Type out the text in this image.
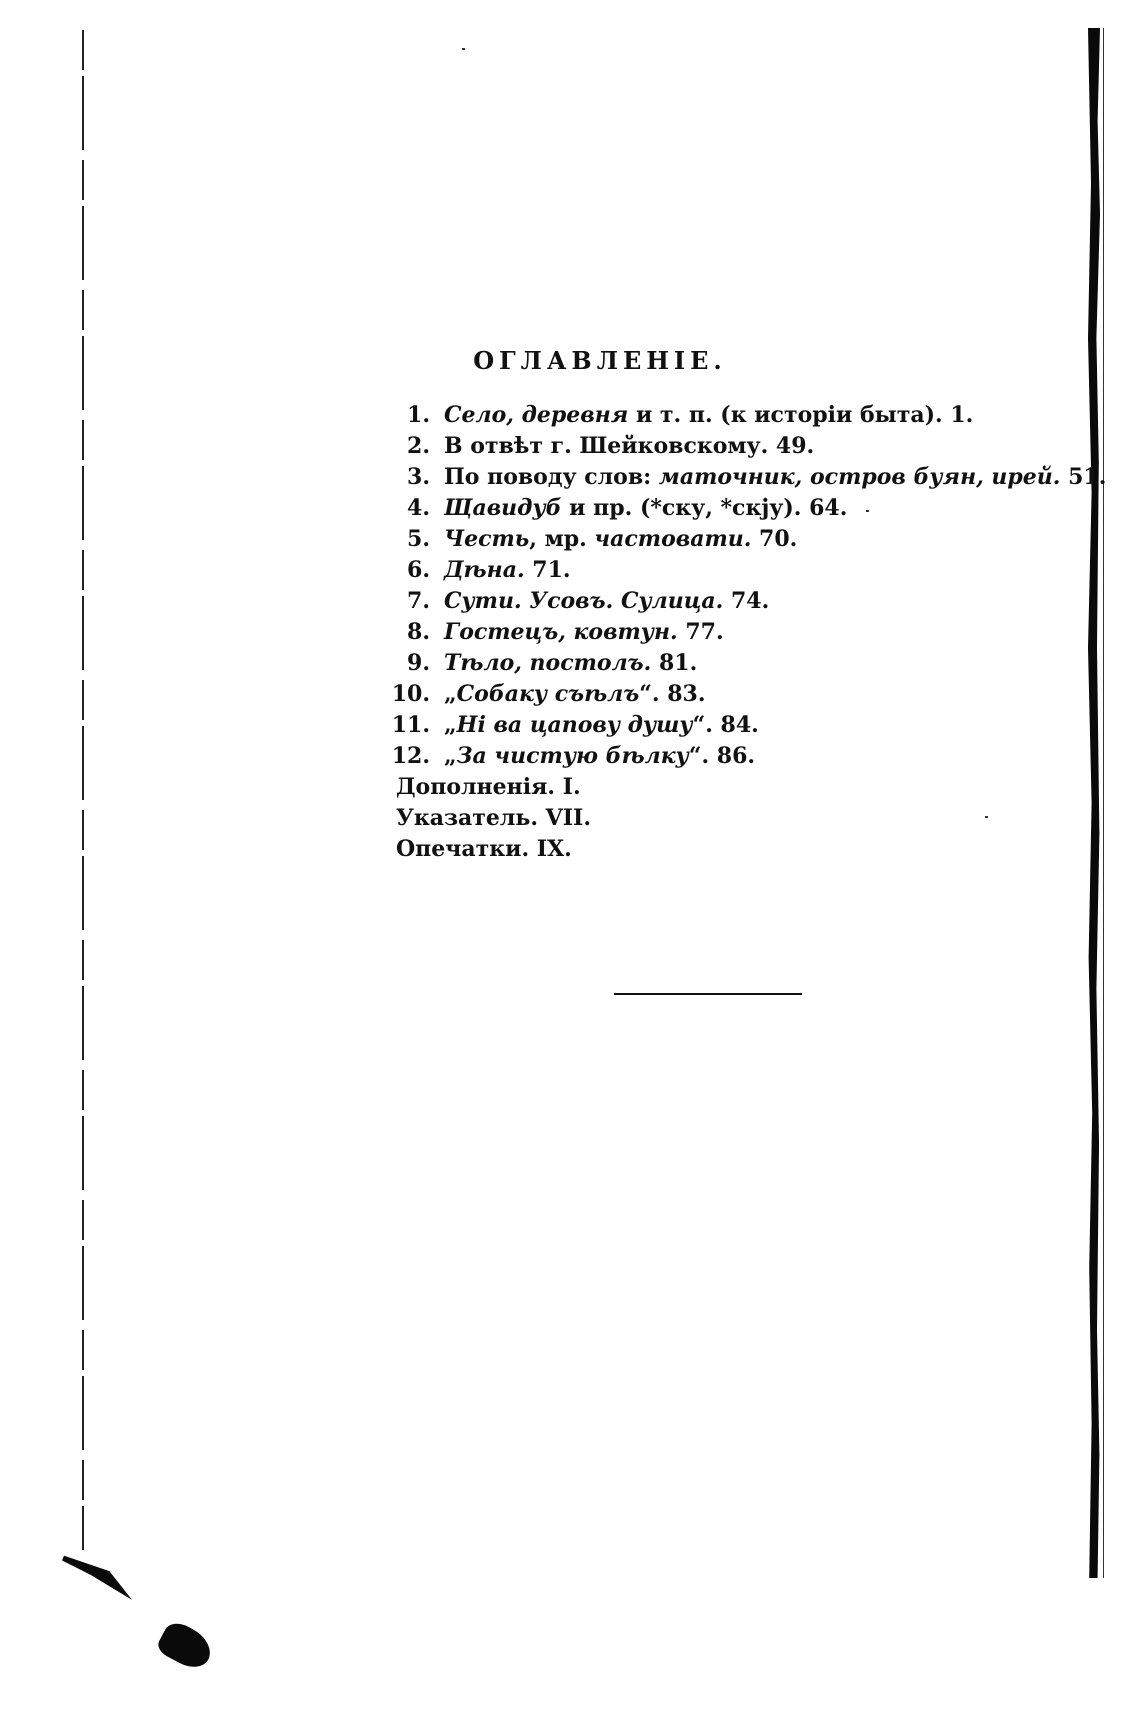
ОГЛАВЛЕНІЕ.
1. Село, деревня и т. п. (к исторіи быта). 1.
2. В отвѣт г. Шейковскому. 49.
3. По поводу слов: маточник, остров буян, ирей. 51.
4. Щавидуб и пр. (*ску, *скју). 64.
5. Честь, мр. частовати. 70.
6. Дѣна. 71.
7. Сути. Усовъ. Сулица. 74.
8. Гостецъ, ковтун. 77.
9. Тѣло, постолъ. 81.
10. „Собаку съѣлъ“. 83.
11. „Ні ва цапову душу“. 84.
12. „За чистую бѣлку“. 86.
Дополненія. I.
Указатель. VII.
Опечатки. IX.
